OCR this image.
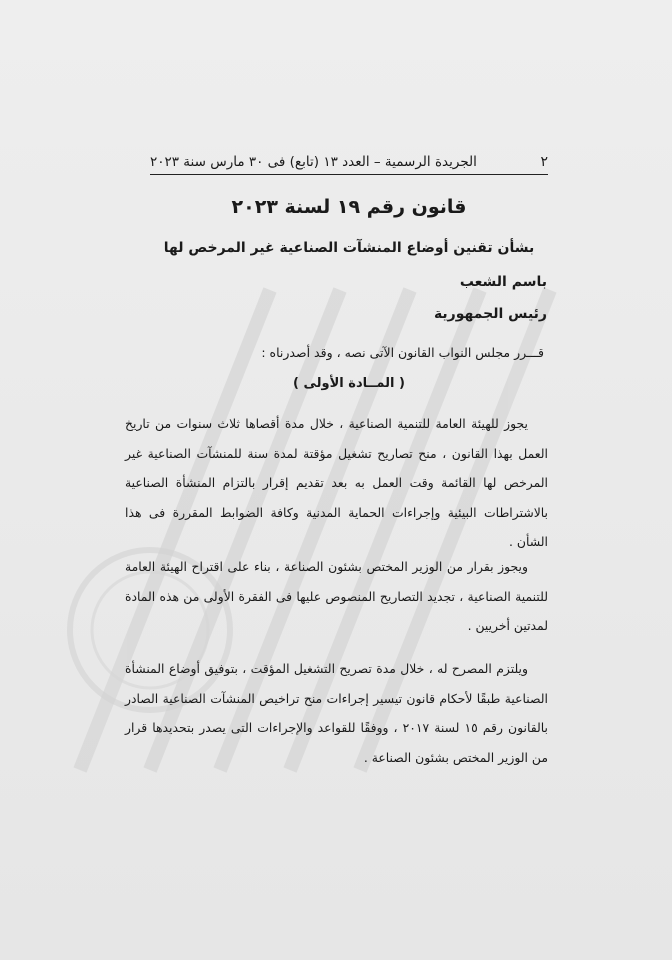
٢
الجريدة الرسمية – العدد ١٣ (تابع) فى ٣٠ مارس سنة ٢٠٢٣
قانون رقم ١٩ لسنة ٢٠٢٣
بشأن تقنين أوضاع المنشآت الصناعية غير المرخص لها
باسم الشعب
رئيس الجمهورية
قـــرر مجلس النواب القانون الآتى نصه ، وقد أصدرناه :
( المــادة الأولى )
يجوز للهيئة العامة للتنمية الصناعية ، خلال مدة أقصاها ثلاث سنوات من تاريخ العمل بهذا القانون ، منح تصاريح تشغيل مؤقتة لمدة سنة للمنشآت الصناعية غير المرخص لها القائمة وقت العمل به بعد تقديم إقرار بالتزام المنشأة الصناعية بالاشتراطات البيئية وإجراءات الحماية المدنية وكافة الضوابط المقررة فى هذا الشأن .
ويجوز بقرار من الوزير المختص بشئون الصناعة ، بناء على اقتراح الهيئة العامة للتنمية الصناعية ، تجديد التصاريح المنصوص عليها فى الفقرة الأولى من هذه المادة لمدتين أخريين .
ويلتزم المصرح له ، خلال مدة تصريح التشغيل المؤقت ، بتوفيق أوضاع المنشأة الصناعية طبقًا لأحكام قانون تيسير إجراءات منح تراخيص المنشآت الصناعية الصادر بالقانون رقم ١٥ لسنة ٢٠١٧ ، ووفقًا للقواعد والإجراءات التى يصدر بتحديدها قرار من الوزير المختص بشئون الصناعة .
